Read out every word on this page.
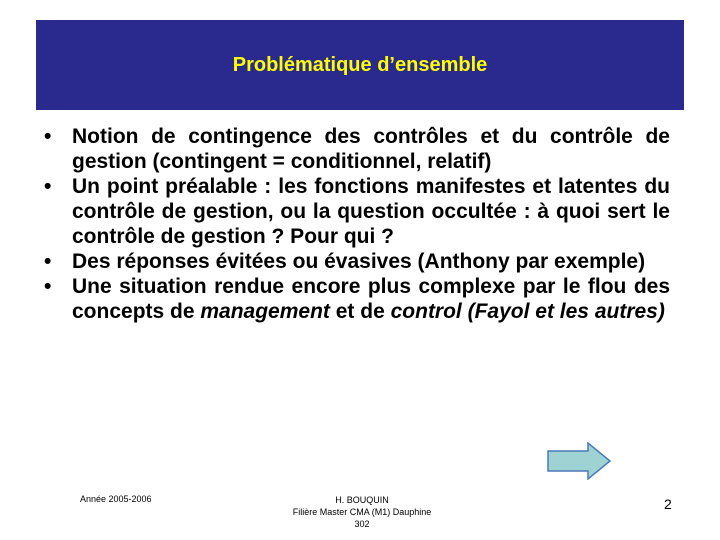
Problématique d’ensemble
• Notion de contingence des contrôles et du contrôle de gestion (contingent = conditionnel, relatif)
• Un point préalable : les fonctions manifestes et latentes du contrôle de gestion, ou la question occultée : à quoi sert le contrôle de gestion ? Pour qui ?
• Des réponses évitées ou évasives (Anthony par exemple)
• Une situation rendue encore plus complexe par le flou des concepts de management et de control (Fayol et les autres)
Année 2005-2006	H. BOUQUIN
Filière Master CMA (M1) Dauphine
302
2
